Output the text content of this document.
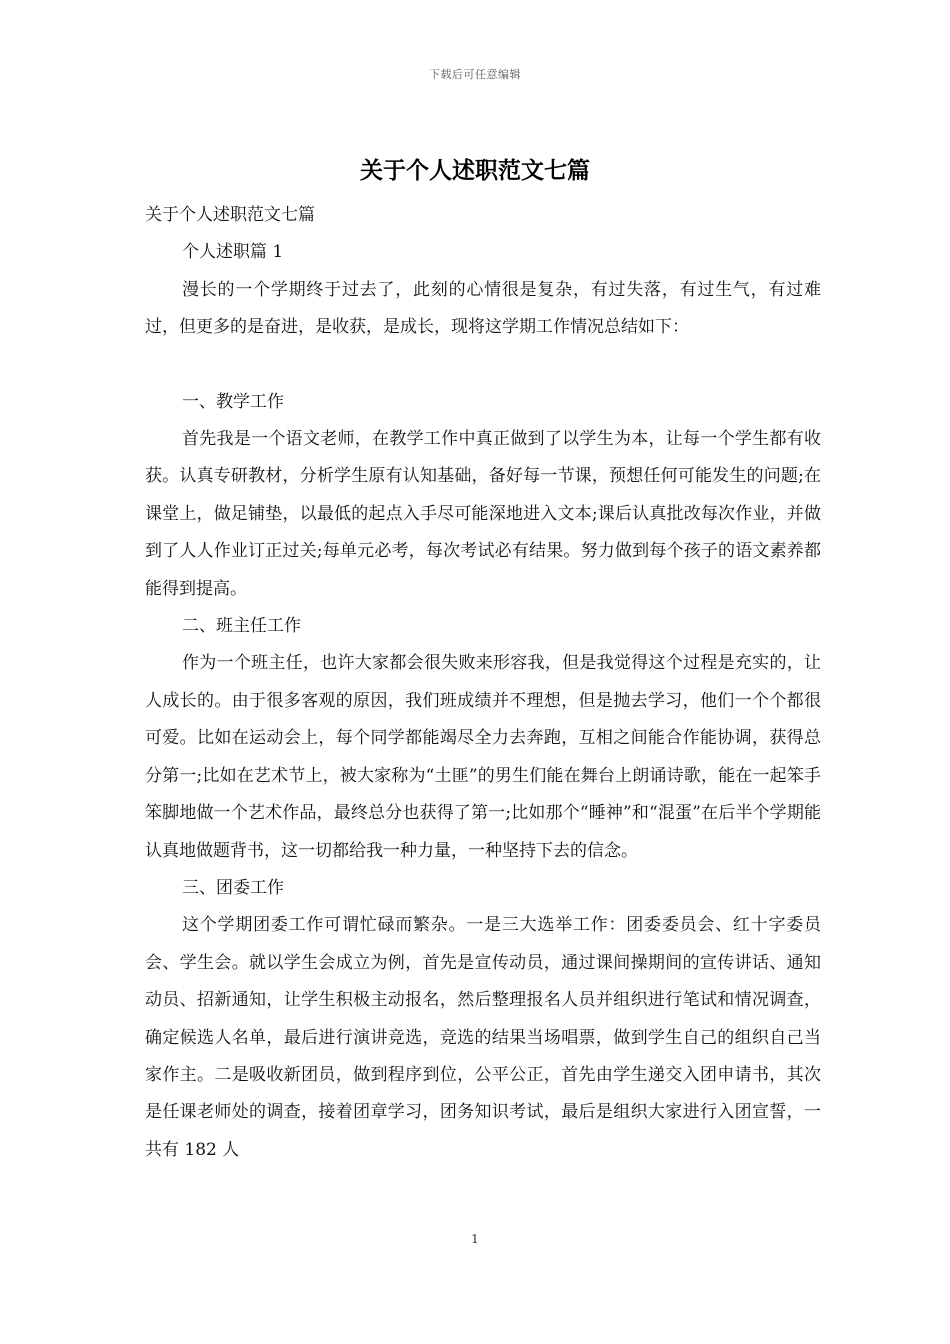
下载后可任意编辑
关于个人述职范文七篇

关于个人述职范文七篇

个人述职篇 1

漫长的一个学期终于过去了，此刻的心情很是复杂，有过失落，有过生气，有过难过，但更多的是奋进，是收获，是成长，现将这学期工作情况总结如下：

一、教学工作

首先我是一个语文老师，在教学工作中真正做到了以学生为本，让每一个学生都有收获。认真专研教材，分析学生原有认知基础，备好每一节课，预想任何可能发生的问题;在课堂上，做足铺垫，以最低的起点入手尽可能深地进入文本;课后认真批改每次作业，并做到了人人作业订正过关;每单元必考，每次考试必有结果。努力做到每个孩子的语文素养都能得到提高。

二、班主任工作

作为一个班主任，也许大家都会很失败来形容我，但是我觉得这个过程是充实的，让人成长的。由于很多客观的原因，我们班成绩并不理想，但是抛去学习，他们一个个都很可爱。比如在运动会上，每个同学都能竭尽全力去奔跑，互相之间能合作能协调，获得总分第一;比如在艺术节上，被大家称为“土匪”的男生们能在舞台上朗诵诗歌，能在一起笨手笨脚地做一个艺术作品，最终总分也获得了第一;比如那个“睡神”和“混蛋”在后半个学期能认真地做题背书，这一切都给我一种力量，一种坚持下去的信念。

三、团委工作

这个学期团委工作可谓忙碌而繁杂。一是三大选举工作：团委委员会、红十字委员会、学生会。就以学生会成立为例，首先是宣传动员，通过课间操期间的宣传讲话、通知动员、招新通知，让学生积极主动报名，然后整理报名人员并组织进行笔试和情况调查，确定候选人名单，最后进行演讲竞选，竞选的结果当场唱票，做到学生自己的组织自己当家作主。二是吸收新团员，做到程序到位，公平公正，首先由学生递交入团申请书，其次是任课老师处的调查，接着团章学习，团务知识考试，最后是组织大家进行入团宣誓，一共有 182 人

1
